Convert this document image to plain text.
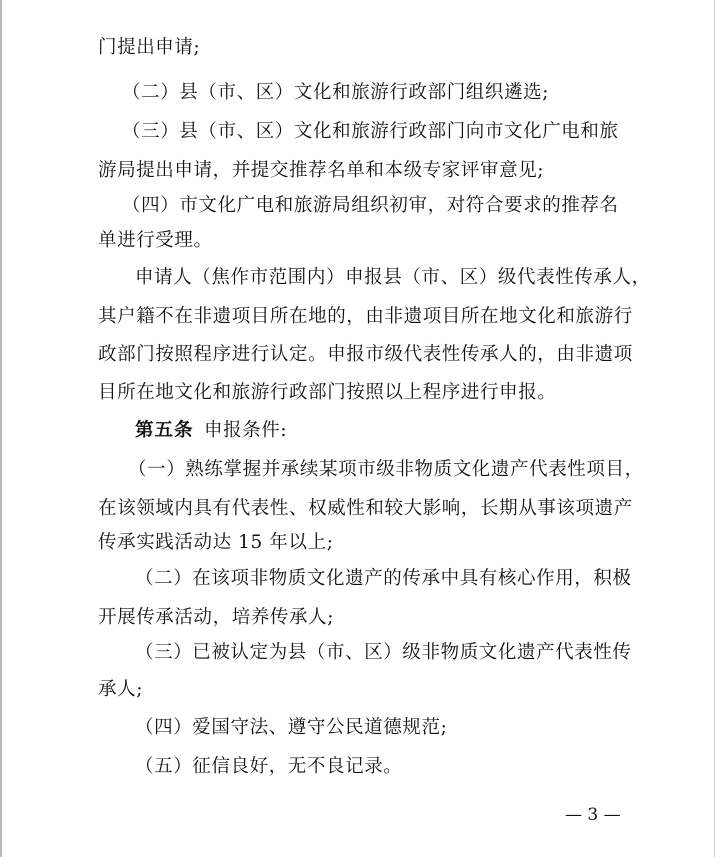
门提出申请;
（二）县（市、区）文化和旅游行政部门组织遴选;
（三）县（市、区）文化和旅游行政部门向市文化广电和旅
游局提出申请，并提交推荐名单和本级专家评审意见;
（四）市文化广电和旅游局组织初审，对符合要求的推荐名
单进行受理。
申请人（焦作市范围内）申报县（市、区）级代表性传承人，
其户籍不在非遗项目所在地的，由非遗项目所在地文化和旅游行
政部门按照程序进行认定。申报市级代表性传承人的，由非遗项
目所在地文化和旅游行政部门按照以上程序进行申报。
第五条 申报条件:
（一）熟练掌握并承续某项市级非物质文化遗产代表性项目，
在该领域内具有代表性、权威性和较大影响，长期从事该项遗产
传承实践活动达 15 年以上;
（二）在该项非物质文化遗产的传承中具有核心作用，积极
开展传承活动，培养传承人;
（三）已被认定为县（市、区）级非物质文化遗产代表性传
承人;
（四）爱国守法、遵守公民道德规范;
（五）征信良好，无不良记录。
— 3 —
